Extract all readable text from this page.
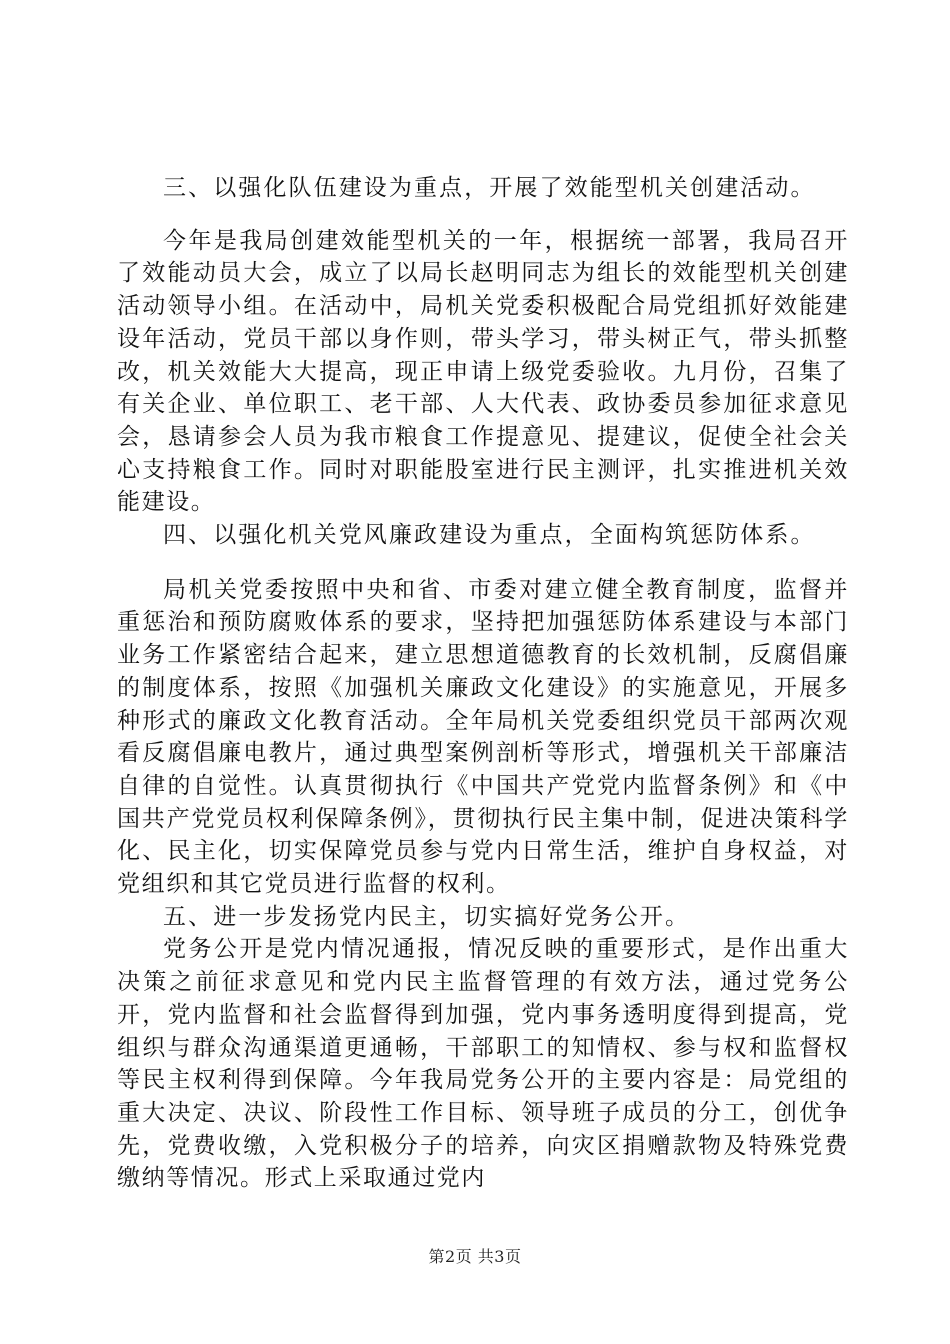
三、以强化队伍建设为重点，开展了效能型机关创建活动。

今年是我局创建效能型机关的一年，根据统一部署，我局召开了效能动员大会，成立了以局长赵明同志为组长的效能型机关创建活动领导小组。在活动中，局机关党委积极配合局党组抓好效能建设年活动，党员干部以身作则，带头学习，带头树正气，带头抓整改，机关效能大大提高，现正申请上级党委验收。九月份，召集了有关企业、单位职工、老干部、人大代表、政协委员参加征求意见会，恳请参会人员为我市粮食工作提意见、提建议，促使全社会关心支持粮食工作。同时对职能股室进行民主测评，扎实推进机关效能建设。

四、以强化机关党风廉政建设为重点，全面构筑惩防体系。

局机关党委按照中央和省、市委对建立健全教育制度，监督并重惩治和预防腐败体系的要求，坚持把加强惩防体系建设与本部门业务工作紧密结合起来，建立思想道德教育的长效机制，反腐倡廉的制度体系，按照《加强机关廉政文化建设》的实施意见，开展多种形式的廉政文化教育活动。全年局机关党委组织党员干部两次观看反腐倡廉电教片，通过典型案例剖析等形式，增强机关干部廉洁自律的自觉性。认真贯彻执行《中国共产党党内监督条例》和《中国共产党党员权利保障条例》，贯彻执行民主集中制，促进决策科学化、民主化，切实保障党员参与党内日常生活，维护自身权益，对党组织和其它党员进行监督的权利。

五、进一步发扬党内民主，切实搞好党务公开。

党务公开是党内情况通报，情况反映的重要形式，是作出重大决策之前征求意见和党内民主监督管理的有效方法，通过党务公开，党内监督和社会监督得到加强，党内事务透明度得到提高，党组织与群众沟通渠道更通畅，干部职工的知情权、参与权和监督权等民主权利得到保障。今年我局党务公开的主要内容是：局党组的重大决定、决议、阶段性工作目标、领导班子成员的分工，创优争先，党费收缴，入党积极分子的培养，向灾区捐赠款物及特殊党费缴纳等情况。形式上采取通过党内

第2页 共3页
